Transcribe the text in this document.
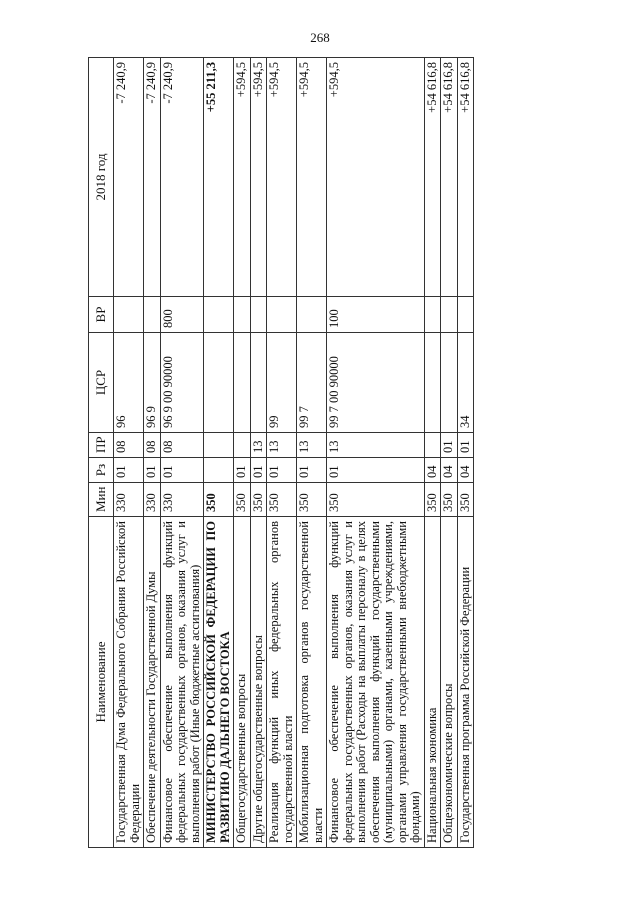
268
Наименование	Мин	Рз	ПР	ЦСР	ВР	2018 год
Государственная Дума Федерального Собрания Российской Федерации	330	01	08	96		-7 240,9
Обеспечение деятельности Государственной Думы	330	01	08	96 9		-7 240,9
Финансовое обеспечение выполнения функций федеральных государственных органов, оказания услуг и выполнения работ (Иные бюджетные ассигнования)	330	01	08	96 9 00 90000	800	-7 240,9
МИНИСТЕРСТВО РОССИЙСКОЙ ФЕДЕРАЦИИ ПО РАЗВИТИЮ ДАЛЬНЕГО ВОСТОКА	350					+55 211,3
Общегосударственные вопросы	350	01				+594,5
Другие общегосударственные вопросы	350	01	13			+594,5
Реализация функций иных федеральных органов государственной власти	350	01	13	99		+594,5
Мобилизационная подготовка органов государственной власти	350	01	13	99 7		+594,5
Финансовое обеспечение выполнения функций федеральных государственных органов, оказания услуг и выполнения работ (Расходы на выплаты персоналу в целях обеспечения выполнения функций государственными (муниципальными) органами, казенными учреждениями, органами управления государственными внебюджетными фондами)	350	01	13	99 7 00 90000	100	+594,5
Национальная экономика	350	04				+54 616,8
Общеэкономические вопросы	350	04	01			+54 616,8
Государственная программа Российской Федерации	350	04	01	34		+54 616,8
